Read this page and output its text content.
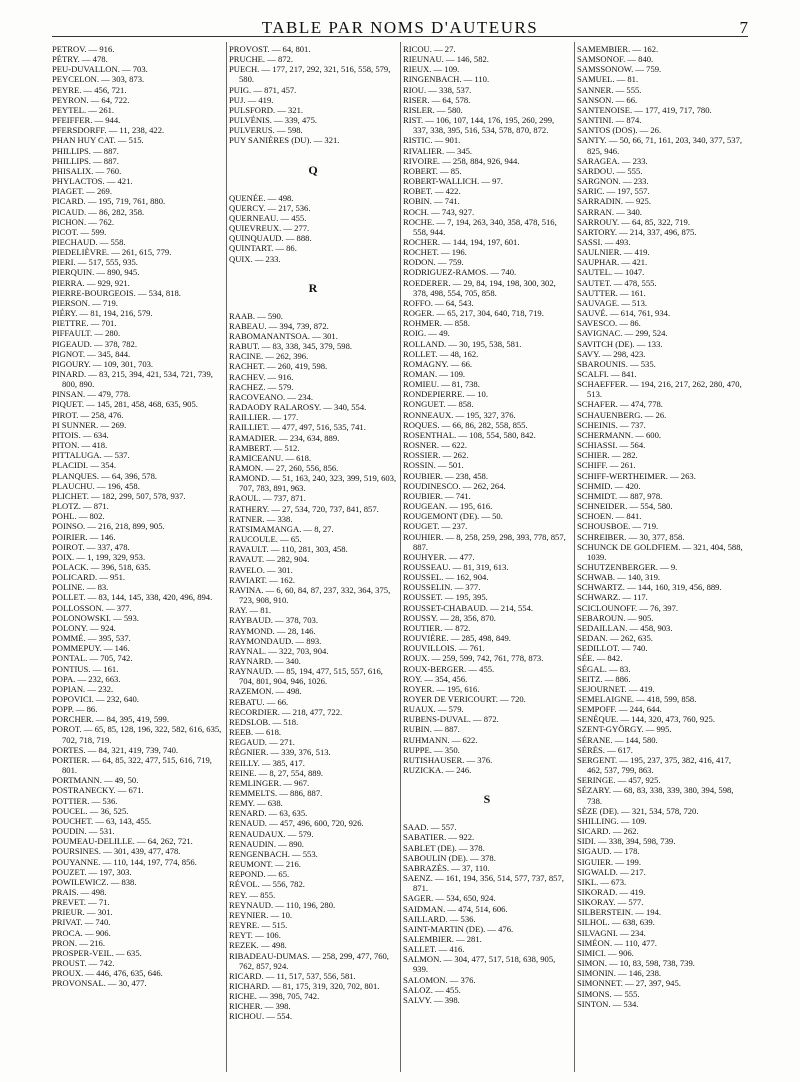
TABLE PAR NOMS D'AUTEURS	7
PETROV. — 916.
PÉTRY. — 478.
PEU-DUVALLON. — 703.
PEYCELON. — 303, 873.
PEYRE. — 456, 721.
PEYRON. — 64, 722.
PEYTEL. — 261.
PFEIFFER. — 944.
PFERSDORFF. — 11, 238, 422.
PHAN HUY CAT. — 515.
PHILLIPS. — 887.
PHILLIPS. — 887.
PHISALIX. — 760.
PHYLACTOS. — 421.
PIAGET. — 269.
PICARD. — 195, 719, 761, 880.
PICAUD. — 86, 282, 358.
PICHON. — 762.
PICOT. — 599.
PIECHAUD. — 558.
PIEDELIÈVRE. — 261, 615, 779.
PIERI. — 517, 555, 935.
PIERQUIN. — 890, 945.
PIERRA. — 929, 921.
PIERRE-BOURGEOIS. — 534, 818.
PIERSON. — 719.
PIÉRY. — 81, 194, 216, 579.
PIETTRE. — 701.
PIFFAULT. — 280.
PIGEAUD. — 378, 782.
PIGNOT. — 345, 844.
PIGOURY. — 109, 301, 703.
PINARD. — 83, 215, 394, 421, 534, 721, 739, 800, 890.
PINSAN. — 479, 778.
PIQUET. — 145, 281, 458, 468, 635, 905.
PIROT. — 258, 476.
PI SUNNER. — 269.
PITOIS. — 634.
PITON. — 418.
PITTALUGA. — 537.
PLACIDI. — 354.
PLANQUES. — 64, 396, 578.
PLAUCHU. — 196, 458.
PLICHET. — 182, 299, 507, 578, 937.
PLOTZ. — 871.
POHL. — 802.
POINSO. — 216, 218, 899, 905.
POIRIER. — 146.
POIROT. — 337, 478.
POIX. — 1, 199, 329, 953.
POLACK. — 396, 518, 635.
POLICARD. — 951.
POLINE. — 83.
POLLET. — 83, 144, 145, 338, 420, 496, 894.
POLLOSSON. — 377.
POLONOWSKI. — 593.
POLONY. — 924.
POMMÉ. — 395, 537.
POMMEPUY. — 146.
PONTAL. — 705, 742.
PONTIUS. — 161.
POPA. — 232, 663.
POPIAN. — 232.
POPOVICI. — 232, 640.
POPP. — 86.
PORCHER. — 84, 395, 419, 599.
POROT. — 65, 85, 128, 196, 322, 582, 616, 635, 702, 718, 719.
PORTES. — 84, 321, 419, 739, 740.
PORTIER. — 64, 85, 322, 477, 515, 616, 719, 801.
PORTMANN. — 49, 50.
POSTRANECKY. — 671.
POTTIER. — 536.
POUCEL. — 36, 525.
POUCHET. — 63, 143, 455.
POUDIN. — 531.
POUMEAU-DELILLE. — 64, 262, 721.
POURSINES. — 301, 439, 477, 478.
POUYANNE. — 110, 144, 197, 774, 856.
POUZET. — 197, 303.
POWILEWICZ. — 838.
PRAIS. — 498.
PREVET. — 71.
PRIEUR. — 301.
PRIVAT. — 740.
PROCA. — 906.
PRON. — 216.
PROSPER-VEIL. — 635.
PROUST. — 742.
PROUX. — 446, 476, 635, 646.
PROVONSAL. — 30, 477.
PROVOST. — 64, 801.
PRUCHE. — 872.
PUECH. — 177, 217, 292, 321, 516, 558, 579, 580.
PUIG. — 871, 457.
PUJ. — 419.
PULSFORD. — 321.
PULVÉNIS. — 339, 475.
PULVERUS. — 598.
PUY SANIÈRES (DU). — 321.
Q
QUENÉE. — 498.
QUERCY. — 217, 536.
QUERNEAU. — 455.
QUIEVREUX. — 277.
QUINQUAUD. — 888.
QUINTART. — 86.
QUIX. — 233.
R
RAAB. — 590.
RABEAU. — 394, 739, 872.
RABOMANANTSOA. — 301.
RABUT. — 83, 338, 345, 379, 598.
RACINE. — 262, 396.
RACHET. — 260, 419, 598.
RACHEV. — 916.
RACHEZ. — 579.
RACOVEANO. — 234.
RADAODY RALAROSY. — 340, 554.
RAILLIER. — 177.
RAILLIET. — 477, 497, 516, 535, 741.
RAMADIER. — 234, 634, 889.
RAMBERT. — 512.
RAMICEANU. — 618.
RAMON. — 27, 260, 556, 856.
RAMOND. — 51, 163, 240, 323, 399, 519, 603, 707, 783, 891, 963.
RAOUL. — 737, 871.
RATHERY. — 27, 534, 720, 737, 841, 857.
RATNER. — 338.
RATSIMAMANGA. — 8, 27.
RAUCOULE. — 65.
RAVAULT. — 110, 281, 303, 458.
RAVAUT. — 282, 904.
RAVELO. — 301.
RAVIART. — 162.
RAVINA. — 6, 60, 84, 87, 237, 332, 364, 375, 723, 908, 910.
RAY. — 81.
RAYBAUD. — 378, 703.
RAYMOND. — 28, 146.
RAYMONDAUD. — 893.
RAYNAL. — 322, 703, 904.
RAYNARD. — 340.
RAYNAUD. — 85, 194, 477, 515, 557, 616, 704, 801, 904, 946, 1026.
RAZEMON. — 498.
REBATU. — 66.
RECORDIER. — 218, 477, 722.
REDSLOB. — 518.
REEB. — 618.
REGAUD. — 271.
RÉGNIER. — 339, 376, 513.
REILLY. — 385, 417.
REINE. — 8, 27, 554, 889.
REMLINGER. — 967.
REMMELTS. — 886, 887.
REMY. — 638.
RENARD. — 63, 635.
RENAUD. — 457, 496, 600, 720, 926.
RENAUDAUX. — 579.
RENAUDIN. — 890.
RENGENBACH. — 553.
REUMONT. — 216.
REPOND. — 65.
RÉVOL. — 556, 782.
REY. — 855.
REYNAUD. — 110, 196, 280.
REYNIER. — 10.
REYRE. — 515.
REYT. — 106.
REZEK. — 498.
RIBADEAU-DUMAS. — 258, 299, 477, 760, 762, 857, 924.
RICARD. — 11, 517, 537, 556, 581.
RICHARD. — 81, 175, 319, 320, 702, 801.
RICHE. — 398, 705, 742.
RICHER. — 398.
RICHOU. — 554.
RICOU. — 27.
RIEUNAU. — 146, 582.
RIEUX. — 109.
RINGENBACH. — 110.
RIOU. — 338, 537.
RISER. — 64, 578.
RISLER. — 580.
RIST. — 106, 107, 144, 176, 195, 260, 299, 337, 338, 395, 516, 534, 578, 870, 872.
RISTIC. — 901.
RIVALIER. — 345.
RIVOIRE. — 258, 884, 926, 944.
ROBERT. — 85.
ROBERT-WALLICH. — 97.
ROBET. — 422.
ROBIN. — 741.
ROCH. — 743, 927.
ROCHE. — 7, 194, 263, 340, 358, 478, 516, 558, 944.
ROCHER. — 144, 194, 197, 601.
ROCHET. — 196.
RODON. — 759.
RODRIGUEZ-RAMOS. — 740.
ROEDERER. — 29, 84, 194, 198, 300, 302, 378, 498, 554, 705, 858.
ROFFO. — 64, 543.
ROGER. — 65, 217, 304, 640, 718, 719.
ROHMER. — 858.
ROIG. — 49.
ROLLAND. — 30, 195, 538, 581.
ROLLET. — 48, 162.
ROMAGNY. — 66.
ROMAN. — 109.
ROMIEU. — 81, 738.
RONDEPIERRE. — 10.
RONGUET. — 858.
RONNEAUX. — 195, 327, 376.
ROQUES. — 66, 86, 282, 558, 855.
ROSENTHAL. — 108, 554, 580, 842.
ROSNER. — 622.
ROSSIER. — 262.
ROSSIN. — 501.
ROUBIER. — 238, 458.
ROUDINESCO. — 262, 264.
ROUBIER. — 741.
ROUGEAN. — 195, 616.
ROUGEMONT (DE). — 50.
ROUGET. — 237.
ROUHIER. — 8, 258, 259, 298, 393, 778, 857, 887.
ROUHYER. — 477.
ROUSSEAU. — 81, 319, 613.
ROUSSEL. — 162, 904.
ROUSSELIN. — 377.
ROUSSET. — 195, 395.
ROUSSET-CHABAUD. — 214, 554.
ROUSSY. — 28, 356, 870.
ROUTIER. — 872.
ROUVIÈRE. — 285, 498, 849.
ROUVILLOIS. — 761.
ROUX. — 259, 599, 742, 761, 778, 873.
ROUX-BERGER. — 455.
ROY. — 354, 456.
ROYER. — 195, 616.
ROYER DE VERICOURT. — 720.
RUAUX. — 579.
RUBENS-DUVAL. — 872.
RUBIN. — 887.
RUHMANN. — 622.
RUPPE. — 350.
RUTISHAUSER. — 376.
RUZICKA. — 246.
S
SAAD. — 557.
SABATIER. — 922.
SABLET (DE). — 378.
SABOULIN (DE). — 378.
SABRAZÈS. — 37, 110.
SAENZ. — 161, 194, 356, 514, 577, 737, 857, 871.
SAGER. — 534, 650, 924.
SAIDMAN. — 474, 514, 606.
SAILLARD. — 536.
SAINT-MARTIN (DE). — 476.
SALEMBIER. — 281.
SALLET. — 416.
SALMON. — 304, 477, 517, 518, 638, 905, 939.
SALOMON. — 376.
SALOZ. — 455.
SALVY. — 398.
SAMEMBIER. — 162.
SAMSONOF. — 840.
SAMSSONOW. — 759.
SAMUEL. — 81.
SANNER. — 555.
SANSON. — 66.
SANTENOISE. — 177, 419, 717, 780.
SANTINI. — 874.
SANTOS (DOS). — 26.
SANTY. — 50, 66, 71, 161, 203, 340, 377, 537, 825, 946.
SARAGEA. — 233.
SARDOU. — 555.
SARGNON. — 233.
SARIC. — 197, 557.
SARRADIN. — 925.
SARRAN. — 340.
SARROUY. — 64, 85, 322, 719.
SARTORY. — 214, 337, 496, 875.
SASSI. — 493.
SAULNIER. — 419.
SAUPHAR. — 421.
SAUTEL. — 1047.
SAUTET. — 478, 555.
SAUTTER. — 161.
SAUVAGE. — 513.
SAUVÉ. — 614, 761, 934.
SAVESCO. — 86.
SAVIGNAC. — 299, 524.
SAVITCH (DE). — 133.
SAVY. — 298, 423.
SBAROUNIS. — 535.
SCALFI. — 841.
SCHAEFFER. — 194, 216, 217, 262, 280, 470, 513.
SCHAFER. — 474, 778.
SCHAUENBERG. — 26.
SCHEINIS. — 737.
SCHERMANN. — 600.
SCHIASSI. — 564.
SCHIER. — 282.
SCHIFF. — 261.
SCHIFF-WERTHEIMER. — 263.
SCHMID. — 420.
SCHMIDT. — 887, 978.
SCHNEIDER. — 554, 580.
SCHOEN. — 841.
SCHOUSBOE. — 719.
SCHREIBER. — 30, 377, 858.
SCHUNCK DE GOLDFIEM. — 321, 404, 588, 1039.
SCHUTZENBERGER. — 9.
SCHWAB. — 140, 319.
SCHWARTZ. — 144, 160, 319, 456, 889.
SCHWARZ. — 117.
SCICLOUNOFF. — 76, 397.
SEBAROUN. — 905.
SEDAILLAN. — 458, 903.
SEDAN. — 262, 635.
SEDILLOT. — 740.
SÉE. — 842.
SÉGAL. — 83.
SEITZ. — 886.
SEJOURNET. — 419.
SEMELAIGNE. — 418, 599, 858.
SEMPOFF. — 244, 644.
SENÈQUE. — 144, 320, 473, 760, 925.
SZENT-GYÖRGY. — 995.
SÉRANE. — 144, 580.
SÉRÈS. — 617.
SERGENT. — 195, 237, 375, 382, 416, 417, 462, 537, 799, 863.
SERINGE. — 457, 925.
SÉZARY. — 68, 83, 338, 339, 380, 394, 598, 738.
SÈZE (DE). — 321, 534, 578, 720.
SHILLING. — 109.
SICARD. — 262.
SIDI. — 338, 394, 598, 739.
SIGAUD. — 178.
SIGUIER. — 199.
SIGWALD. — 217.
SIKL. — 673.
SIKORAD. — 419.
SIKORAY. — 577.
SILBERSTEIN. — 194.
SILHOL. — 638, 639.
SILVAGNI. — 234.
SIMÉON. — 110, 477.
SIMICI. — 906.
SIMON. — 10, 83, 598, 738, 739.
SIMONIN. — 146, 238.
SIMONNET. — 27, 397, 945.
SIMONS. — 555.
SINTON. — 534.
